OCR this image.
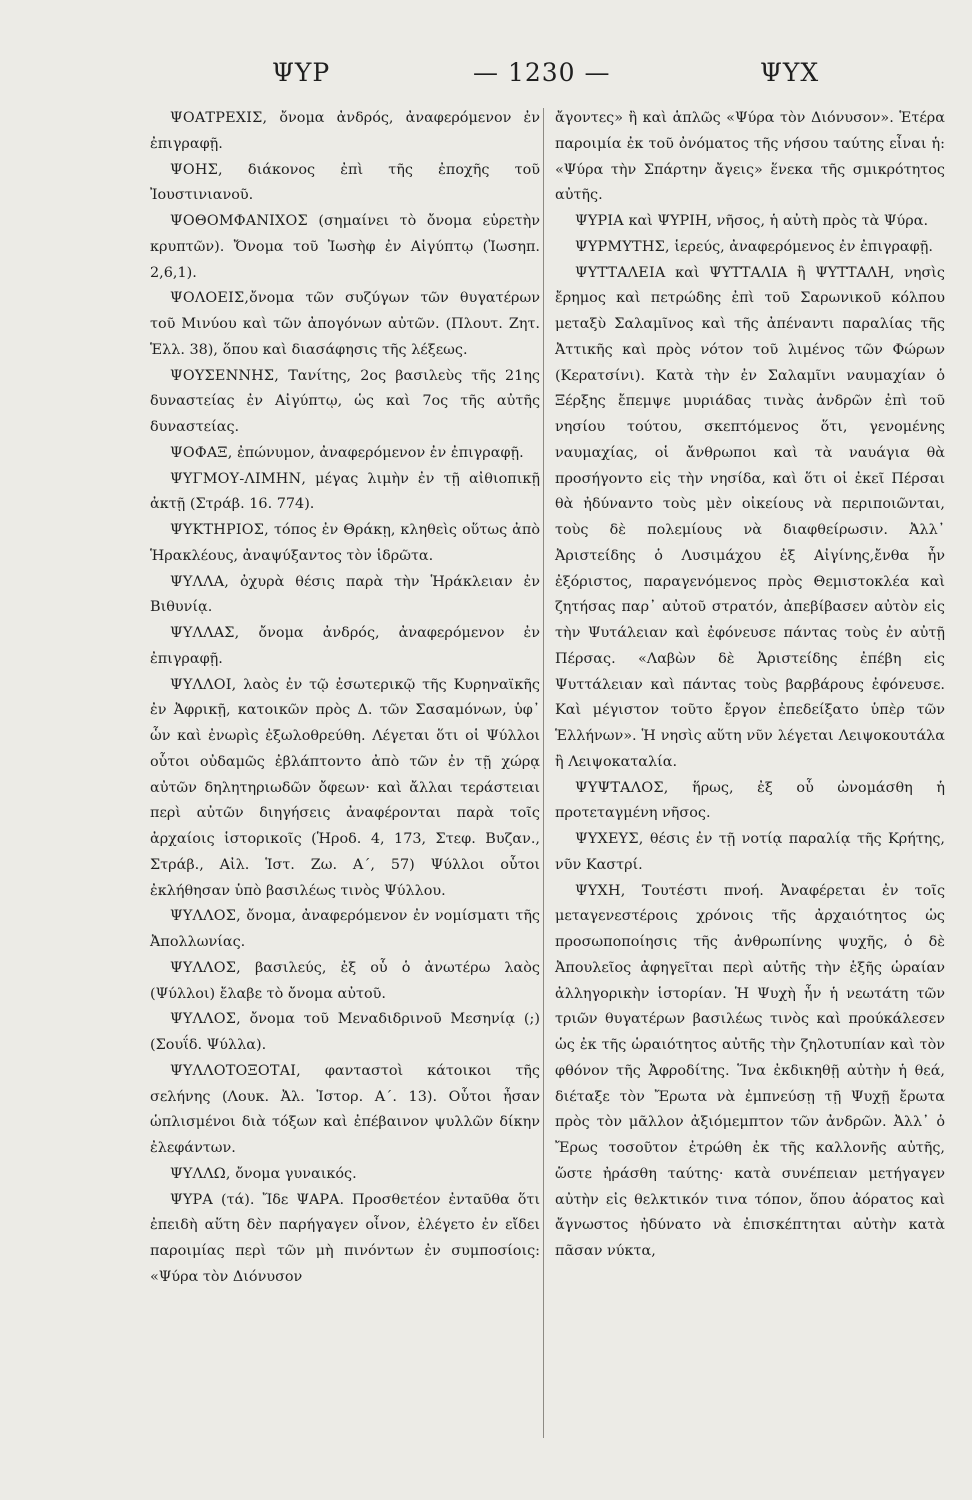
ΨΥΡ	— 1230 —	ΨΥΧ

ΨΟΑΤΡΕΧΙΣ, ὄνομα ἀνδρός, ἀναφερόμενον ἐν ἐπιγραφῇ.

ΨΟΗΣ, διάκονος ἐπὶ τῆς ἐποχῆς τοῦ Ἰουστινιανοῦ.

ΨΟΘΟΜΦΑΝΙΧΟΣ (σημαίνει τὸ ὄνομα εὑρετὴν κρυπτῶν). Ὄνομα τοῦ Ἰωσὴφ ἐν Αἰγύπτῳ (Ἰωσηπ. 2,6,1).

ΨΟΛΟΕΙΣ,ὄνομα τῶν συζύγων τῶν θυγατέρων τοῦ Μινύου καὶ τῶν ἀπογόνων αὐτῶν. (Πλουτ. Ζητ. Ἑλλ. 38), ὅπου καὶ διασάφησις τῆς λέξεως.

ΨΟΥΣΕΝΝΗΣ, Τανίτης, 2ος βασιλεὺς τῆς 21ης δυναστείας ἐν Αἰγύπτῳ, ὡς καὶ 7ος τῆς αὐτῆς δυναστείας.

ΨΟΦΑΞ, ἐπώνυμον, ἀναφερόμενον ἐν ἐπιγραφῇ.

ΨΥΓΜΟΥ-ΛΙΜΗΝ, μέγας λιμὴν ἐν τῇ αἰθιοπικῇ ἀκτῇ (Στράβ. 16. 774).

ΨΥΚΤΗΡΙΟΣ, τόπος ἐν Θράκῃ, κληθεὶς οὕτως ἀπὸ Ἡρακλέους, ἀναψύξαντος τὸν ἱδρῶτα.

ΨΥΛΛΑ, ὀχυρὰ θέσις παρὰ τὴν Ἡράκλειαν ἐν Βιθυνίᾳ.

ΨΥΛΛΑΣ, ὄνομα ἀνδρός, ἀναφερόμενον ἐν ἐπιγραφῇ.

ΨΥΛΛΟΙ, λαὸς ἐν τῷ ἐσωτερικῷ τῆς Κυρηναϊκῆς ἐν Ἀφρικῇ, κατοικῶν πρὸς Δ. τῶν Σασαμόνων, ὑφ᾽ ὧν καὶ ἐνωρὶς ἐξωλοθρεύθη. Λέγεται ὅτι οἱ Ψύλλοι οὗτοι οὐδαμῶς ἐβλάπτοντο ἀπὸ τῶν ἐν τῇ χώρᾳ αὐτῶν δηλητηριωδῶν ὄφεων· καὶ ἄλλαι τεράστειαι περὶ αὐτῶν διηγήσεις ἀναφέρονται παρὰ τοῖς ἀρχαίοις ἱστορικοῖς (Ἡροδ. 4, 173, Στεφ. Βυζαν., Στράβ., Αἰλ. Ἱστ. Ζω. Α΄, 57) Ψύλλοι οὗτοι ἐκλήθησαν ὑπὸ βασιλέως τινὸς Ψύλλου.

ΨΥΛΛΟΣ, ὄνομα, ἀναφερόμενον ἐν νομίσματι τῆς Ἀπολλωνίας.

ΨΥΛΛΟΣ, βασιλεύς, ἐξ οὗ ὁ ἀνωτέρω λαὸς (Ψύλλοι) ἔλαβε τὸ ὄνομα αὐτοῦ.

ΨΥΛΛΟΣ, ὄνομα τοῦ Μεναδιδρινοῦ Μεσηνίᾳ (;) (Σουΐδ. Ψύλλα).

ΨΥΛΛΟΤΟΞΟΤΑΙ, φανταστοὶ κάτοικοι τῆς σελήνης (Λουκ. Ἀλ. Ἱστορ. Α΄. 13). Οὗτοι ἦσαν ὡπλισμένοι διὰ τόξων καὶ ἐπέβαινον ψυλλῶν δίκην ἐλεφάντων.

ΨΥΛΛΩ, ὄνομα γυναικός.

ΨΥΡΑ (τά). Ἴδε ΨΑΡΑ. Προσθετέον ἐνταῦθα ὅτι ἐπειδὴ αὕτη δὲν παρήγαγεν οἶνον, ἐλέγετο ἐν εἴδει παροιμίας περὶ τῶν μὴ πινόντων ἐν συμποσίοις: «Ψύρα τὸν Διόνυσον

ἄγοντες» ἢ καὶ ἁπλῶς «Ψύρα τὸν Διόνυσον». Ἑτέρα παροιμία ἐκ τοῦ ὀνόματος τῆς νήσου ταύτης εἶναι ἡ: «Ψύρα τὴν Σπάρτην ἄγεις» ἕνεκα τῆς σμικρότητος αὐτῆς.

ΨΥΡΙΑ καὶ ΨΥΡΙΗ, νῆσος, ἡ αὐτὴ πρὸς τὰ Ψύρα.

ΨΥΡΜΥΤΗΣ, ἱερεύς, ἀναφερόμενος ἐν ἐπιγραφῇ.

ΨΥΤΤΑΛΕΙΑ καὶ ΨΥΤΤΑΛΙΑ ἢ ΨΥΤΤΑΛΗ, νησὶς ἔρημος καὶ πετρώδης ἐπὶ τοῦ Σαρωνικοῦ κόλπου μεταξὺ Σαλαμῖνος καὶ τῆς ἀπέναντι παραλίας τῆς Ἀττικῆς καὶ πρὸς νότον τοῦ λιμένος τῶν Φώρων (Κερατσίνι). Κατὰ τὴν ἐν Σαλαμῖνι ναυμαχίαν ὁ Ξέρξης ἔπεμψε μυριάδας τινὰς ἀνδρῶν ἐπὶ τοῦ νησίου τούτου, σκεπτόμενος ὅτι, γενομένης ναυμαχίας, οἱ ἄνθρωποι καὶ τὰ ναυάγια θὰ προσήγοντο εἰς τὴν νησίδα, καὶ ὅτι οἱ ἐκεῖ Πέρσαι θὰ ἠδύναντο τοὺς μὲν οἰκείους νὰ περιποιῶνται, τοὺς δὲ πολεμίους νὰ διαφθείρωσιν. Ἀλλ᾽ Ἀριστείδης ὁ Λυσιμάχου ἐξ Αἰγίνης,ἔνθα ἦν ἐξόριστος, παραγενόμενος πρὸς Θεμιστοκλέα καὶ ζητήσας παρ᾽ αὐτοῦ στρατόν, ἀπεβίβασεν αὐτὸν εἰς τὴν Ψυτάλειαν καὶ ἐφόνευσε πάντας τοὺς ἐν αὐτῇ Πέρσας. «Λαβὼν δὲ Ἀριστείδης ἐπέβη εἰς Ψυττάλειαν καὶ πάντας τοὺς βαρβάρους ἐφόνευσε. Καὶ μέγιστον τοῦτο ἔργον ἐπεδείξατο ὑπὲρ τῶν Ἑλλήνων». Ἡ νησὶς αὕτη νῦν λέγεται Λειψοκουτάλα ἢ Λειψοκαταλία.

ΨΥΨΤΑΛΟΣ, ἥρως, ἐξ οὗ ὠνομάσθη ἡ προτεταγμένη νῆσος.

ΨΥΧΕΥΣ, θέσις ἐν τῇ νοτίᾳ παραλίᾳ τῆς Κρήτης, νῦν Καστρί.

ΨΥΧΗ, Τουτέστι πνοή. Ἀναφέρεται ἐν τοῖς μεταγενεστέροις χρόνοις τῆς ἀρχαιότητος ὡς προσωποποίησις τῆς ἀνθρωπίνης ψυχῆς, ὁ δὲ Ἀπουλεῖος ἀφηγεῖται περὶ αὐτῆς τὴν ἑξῆς ὡραίαν ἀλληγορικὴν ἱστορίαν. Ἡ Ψυχὴ ἦν ἡ νεωτάτη τῶν τριῶν θυγατέρων βασιλέως τινὸς καὶ προύκάλεσεν ὡς ἐκ τῆς ὡραιότητος αὐτῆς τὴν ζηλοτυπίαν καὶ τὸν φθόνον τῆς Ἀφροδίτης. Ἵνα ἐκδικηθῇ αὐτὴν ἡ θεά, διέταξε τὸν Ἔρωτα νὰ ἐμπνεύσῃ τῇ Ψυχῇ ἔρωτα πρὸς τὸν μᾶλλον ἀξιόμεμπτον τῶν ἀνδρῶν. Ἀλλ᾽ ὁ Ἔρως τοσοῦτον ἐτρώθη ἐκ τῆς καλλονῆς αὐτῆς, ὥστε ἠράσθη ταύτης· κατὰ συνέπειαν μετήγαγεν αὐτὴν εἰς θελκτικόν τινα τόπον, ὅπου ἀόρατος καὶ ἄγνωστος ἠδύνατο νὰ ἐπισκέπτηται αὐτὴν κατὰ πᾶσαν νύκτα,
